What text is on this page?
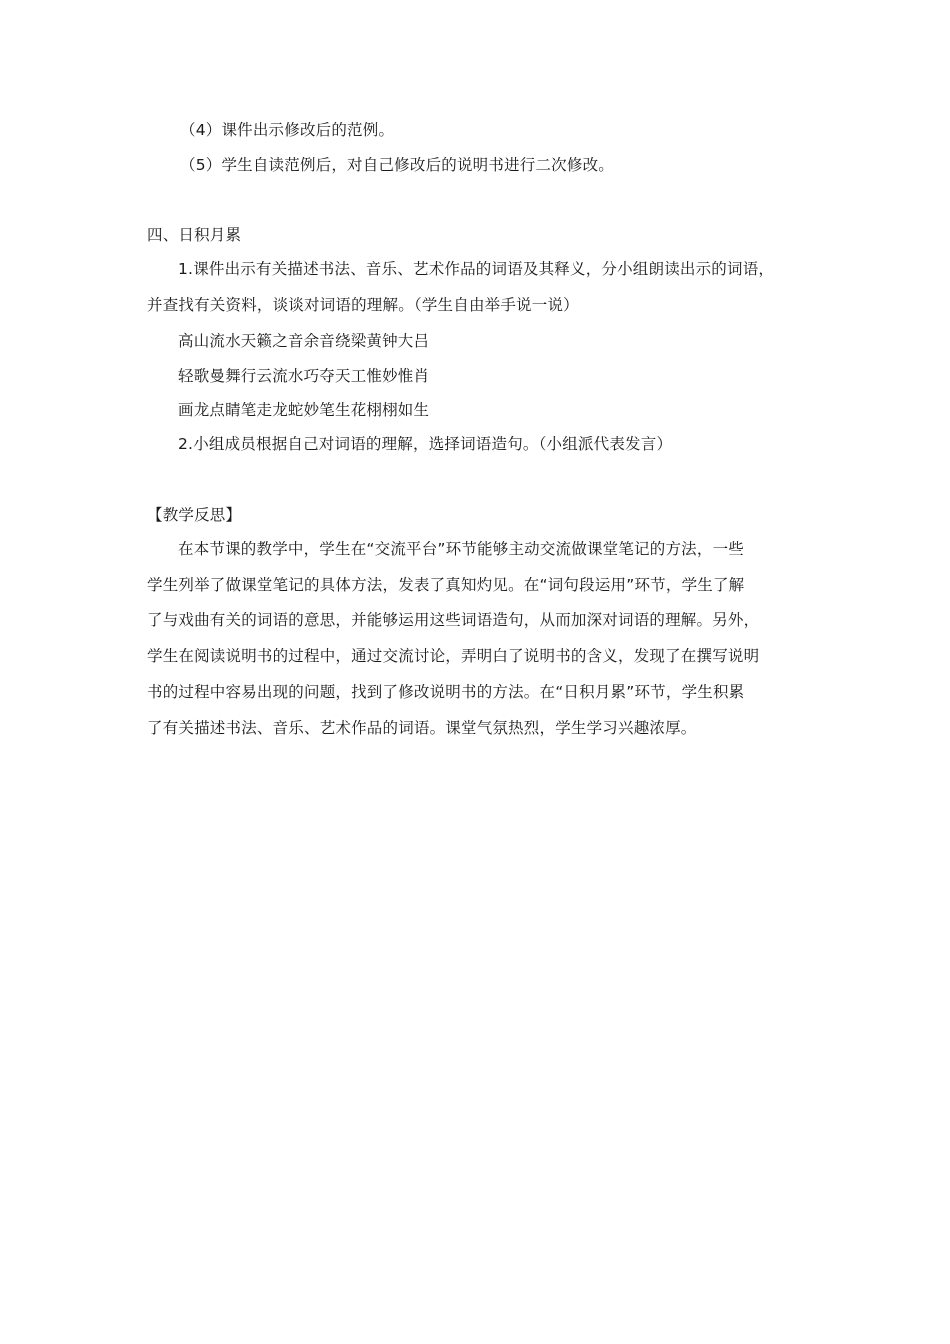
（4）课件出示修改后的范例。
（5）学生自读范例后，对自己修改后的说明书进行二次修改。
四、日积月累
1.课件出示有关描述书法、音乐、艺术作品的词语及其释义，分小组朗读出示的词语，
并查找有关资料，谈谈对词语的理解。（学生自由举手说一说）
高山流水天籁之音余音绕梁黄钟大吕
轻歌曼舞行云流水巧夺天工惟妙惟肖
画龙点睛笔走龙蛇妙笔生花栩栩如生
2.小组成员根据自己对词语的理解，选择词语造句。（小组派代表发言）
【教学反思】
在本节课的教学中，学生在“交流平台”环节能够主动交流做课堂笔记的方法，一些
学生列举了做课堂笔记的具体方法，发表了真知灼见。在“词句段运用”环节，学生了解
了与戏曲有关的词语的意思，并能够运用这些词语造句，从而加深对词语的理解。另外，
学生在阅读说明书的过程中，通过交流讨论，弄明白了说明书的含义，发现了在撰写说明
书的过程中容易出现的问题，找到了修改说明书的方法。在“日积月累”环节，学生积累
了有关描述书法、音乐、艺术作品的词语。课堂气氛热烈，学生学习兴趣浓厚。
